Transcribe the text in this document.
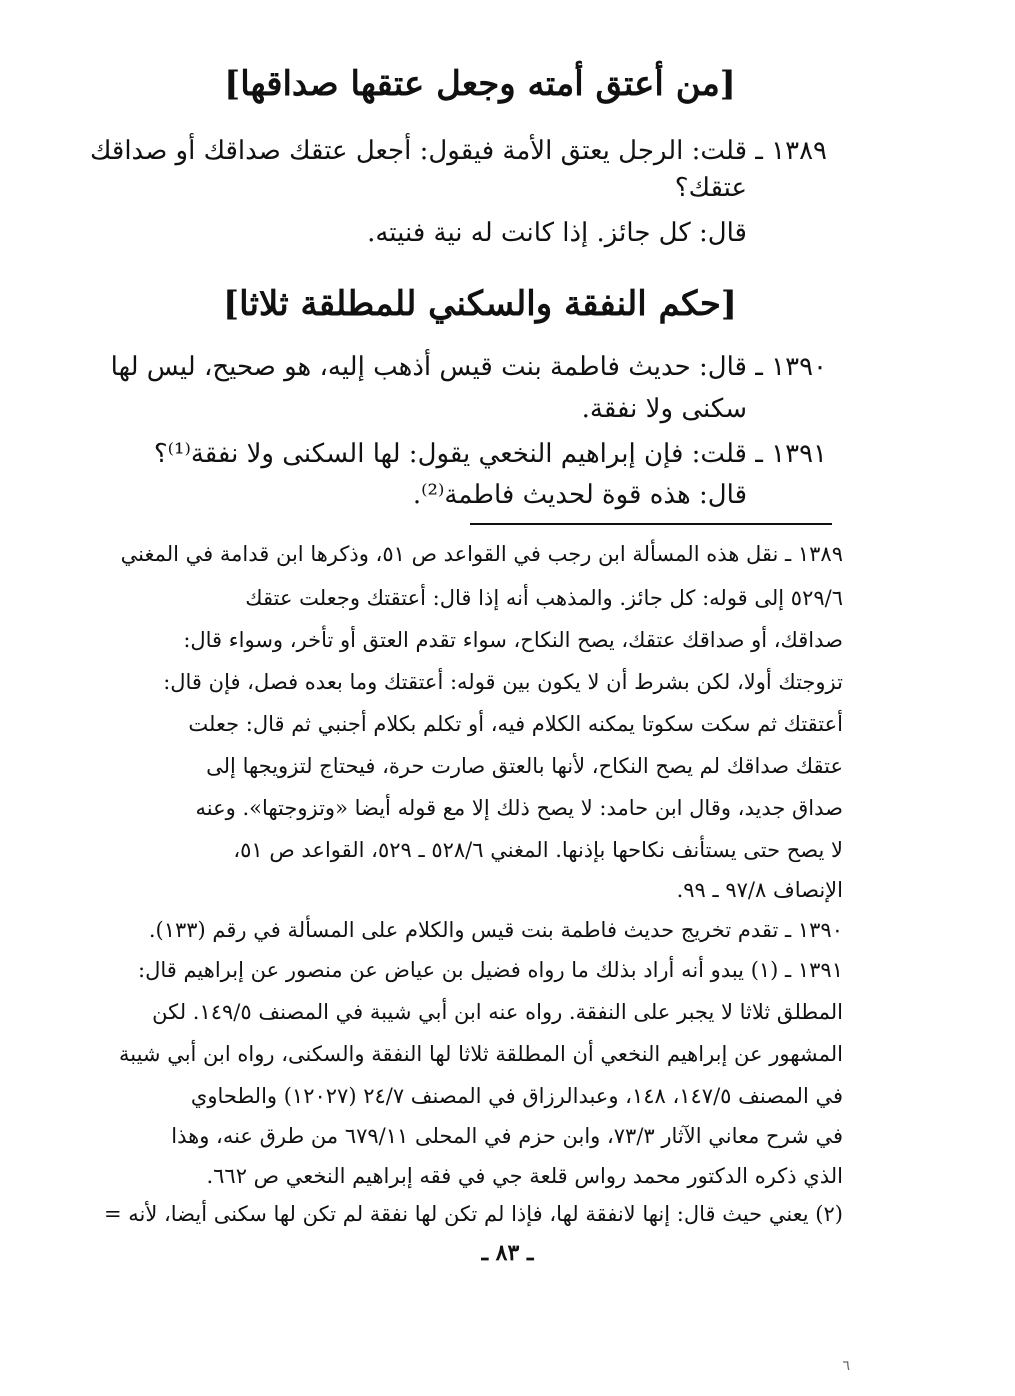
[من أعتق أمته وجعل عتقها صداقها]
١٣٨٩ ـ قلت: الرجل يعتق الأمة فيقول: أجعل عتقك صداقك أو صداقك
عتقك؟
قال: كل جائز. إذا كانت له نية فنيته.
[حكم النفقة والسكني للمطلقة ثلاثا]
١٣٩٠ ـ قال: حديث فاطمة بنت قيس أذهب إليه، هو صحيح، ليس لها
سكنى ولا نفقة.
١٣٩١ ـ قلت: فإن إبراهيم النخعي يقول: لها السكنى ولا نفقة⁽¹⁾؟
قال: هذه قوة لحديث فاطمة⁽²⁾.
١٣٨٩ ـ نقل هذه المسألة ابن رجب في القواعد ص ٥١، وذكرها ابن قدامة في المغني
٥٢٩/٦ إلى قوله: كل جائز. والمذهب أنه إذا قال: أعتقتك وجعلت عتقك
صداقك، أو صداقك عتقك، يصح النكاح، سواء تقدم العتق أو تأخر، وسواء قال:
تزوجتك أولا، لكن بشرط أن لا يكون بين قوله: أعتقتك وما بعده فصل، فإن قال:
أعتقتك ثم سكت سكوتا يمكنه الكلام فيه، أو تكلم بكلام أجنبي ثم قال: جعلت
عتقك صداقك لم يصح النكاح، لأنها بالعتق صارت حرة، فيحتاج لتزويجها إلى
صداق جديد، وقال ابن حامد: لا يصح ذلك إلا مع قوله أيضا «وتزوجتها». وعنه
لا يصح حتى يستأنف نكاحها بإذنها. المغني ٥٢٨/٦ ـ ٥٢٩، القواعد ص ٥١،
الإنصاف ٩٧/٨ ـ ٩٩.
١٣٩٠ ـ تقدم تخريج حديث فاطمة بنت قيس والكلام على المسألة في رقم (١٣٣).
١٣٩١ ـ (١) يبدو أنه أراد بذلك ما رواه فضيل بن عياض عن منصور عن إبراهيم قال:
المطلق ثلاثا لا يجبر على النفقة. رواه عنه ابن أبي شيبة في المصنف ١٤٩/٥. لكن
المشهور عن إبراهيم النخعي أن المطلقة ثلاثا لها النفقة والسكنى، رواه ابن أبي شيبة
في المصنف ١٤٧/٥، ١٤٨، وعبدالرزاق في المصنف ٢٤/٧ (١٢٠٢٧) والطحاوي
في شرح معاني الآثار ٧٣/٣، وابن حزم في المحلى ٦٧٩/١١ من طرق عنه، وهذا
الذي ذكره الدكتور محمد رواس قلعة جي في فقه إبراهيم النخعي ص ٦٦٢.
(٢) يعني حيث قال: إنها لانفقة لها، فإذا لم تكن لها نفقة لم تكن لها سكنى أيضا، لأنه =
ـ ٨٣ ـ
٦
